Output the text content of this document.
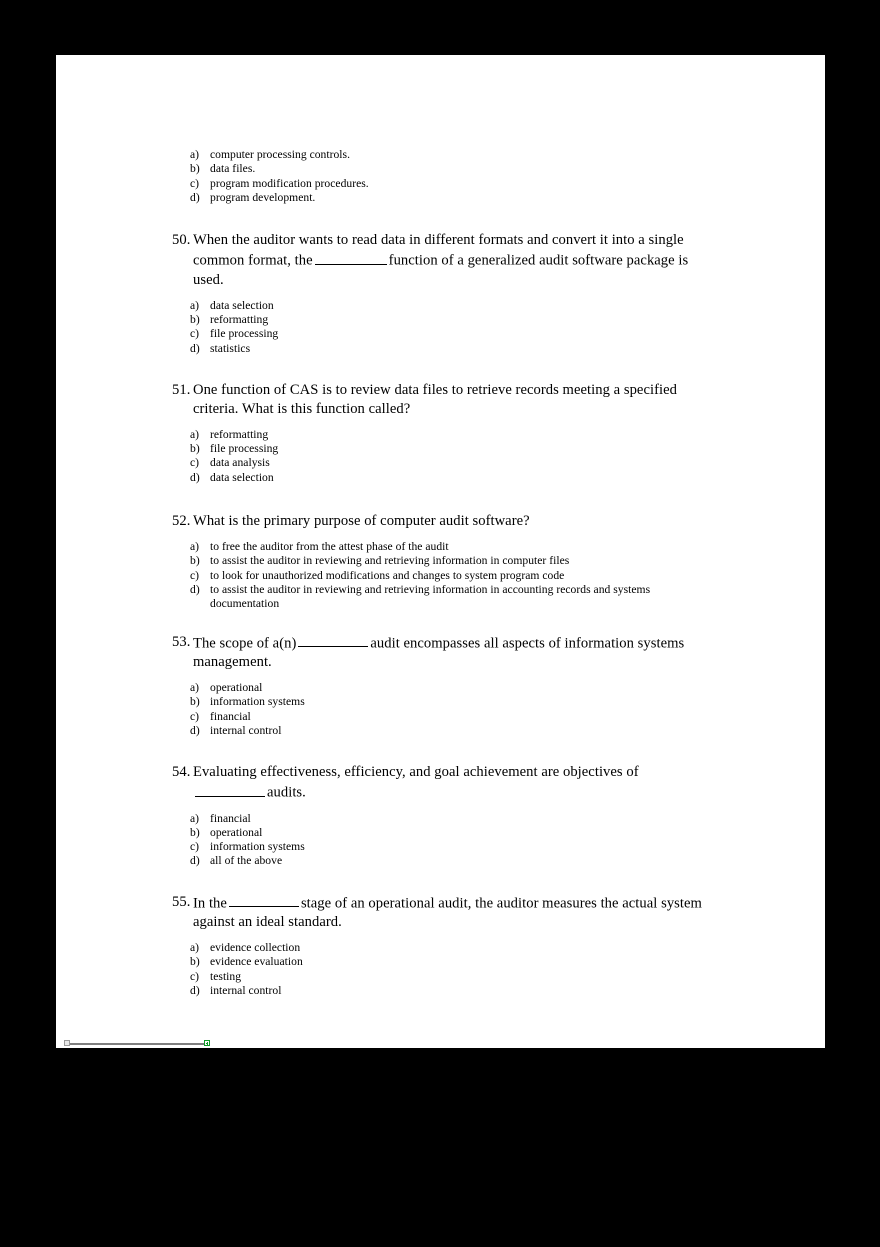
a) computer processing controls.
b) data files.
c) program modification procedures.
d) program development.
50. When the auditor wants to read data in different formats and convert it into a single common format, the	function of a generalized audit software package is used.
a) data selection
b) reformatting
c) file processing
d) statistics
51. One function of CAS is to review data files to retrieve records meeting a specified criteria. What is this function called?
a) reformatting
b) file processing
c) data analysis
d) data selection
52. What is the primary purpose of computer audit software?
a) to free the auditor from the attest phase of the audit
b) to assist the auditor in reviewing and retrieving information in computer files
c) to look for unauthorized modifications and changes to system program code
d) to assist the auditor in reviewing and retrieving information in accounting records and systems documentation
53. The scope of a(n)	audit encompasses all aspects of information systems management.
a) operational
b) information systems
c) financial
d) internal control
54. Evaluating effectiveness, efficiency, and goal achievement are objectives of
audits.
a) financial
b) operational
c) information systems
d) all of the above
55. In the	stage of an operational audit, the auditor measures the actual system against an ideal standard.
a) evidence collection
b) evidence evaluation
c) testing
d) internal control
